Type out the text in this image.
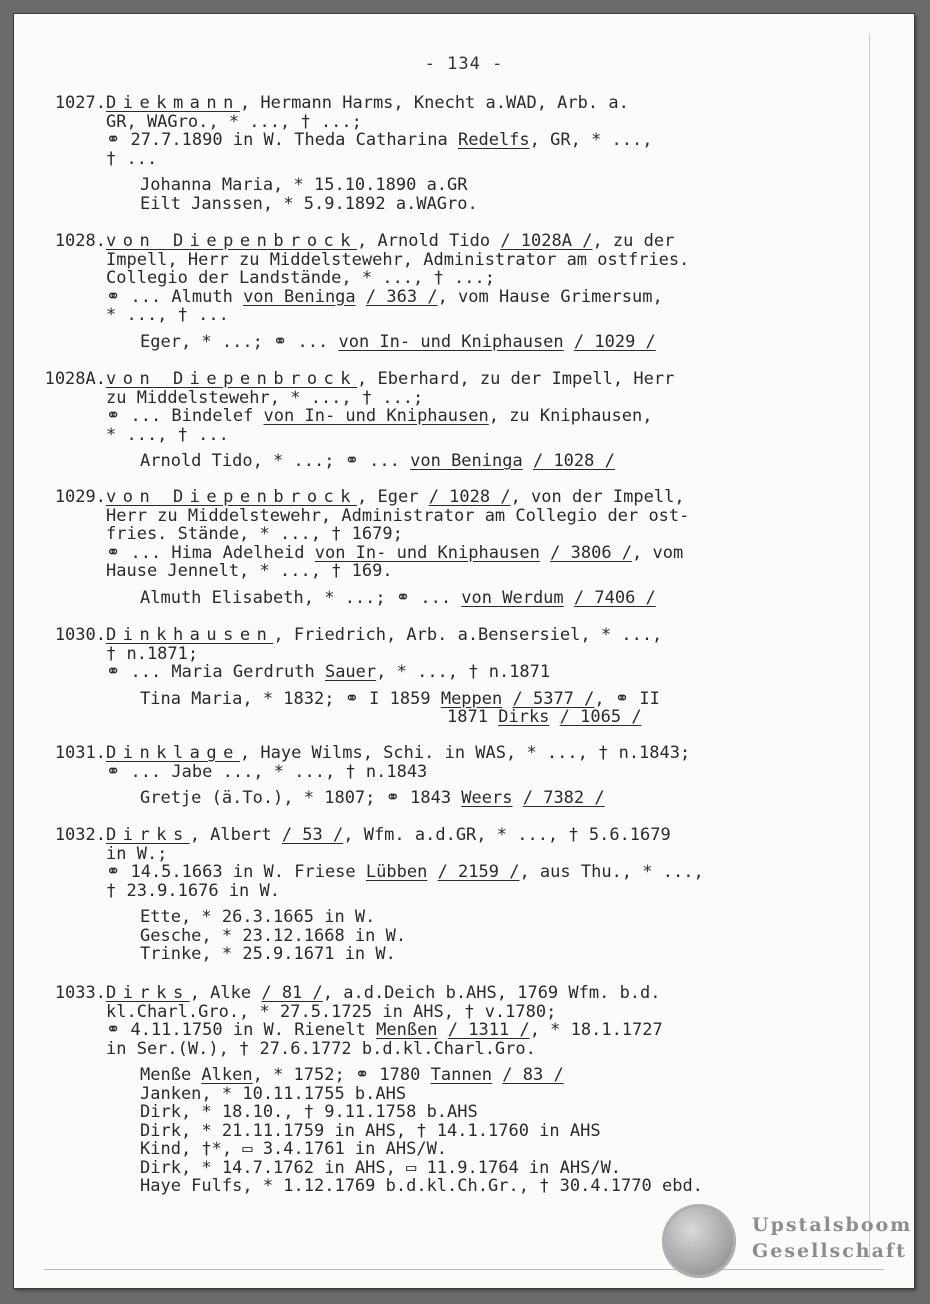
- 134 -
1027. Diekmann, Hermann Harms, Knecht a.WAD, Arb. a.
GR, WAGro., * ..., † ...;
⚭ 27.7.1890 in W. Theda Catharina Redelfs, GR, * ...,
† ...
Johanna Maria, * 15.10.1890 a.GR
Eilt Janssen, * 5.9.1892 a.WAGro.
1028. von Diepenbrock, Arnold Tido / 1028A /, zu der
Impell, Herr zu Middelstewehr, Administrator am ostfries.
Collegio der Landstände, * ..., † ...;
⚭ ... Almuth von Beninga / 363 /, vom Hause Grimersum,
* ..., † ...
Eger, * ...; ⚭ ... von In- und Kniphausen / 1029 /
1028A. von Diepenbrock, Eberhard, zu der Impell, Herr
zu Middelstewehr, * ..., † ...;
⚭ ... Bindelef von In- und Kniphausen, zu Kniphausen,
* ..., † ...
Arnold Tido, * ...; ⚭ ... von Beninga / 1028 /
1029. von Diepenbrock, Eger / 1028 /, von der Impell,
Herr zu Middelstewehr, Administrator am Collegio der ost-
fries. Stände, * ..., † 1679;
⚭ ... Hima Adelheid von In- und Kniphausen / 3806 /, vom
Hause Jennelt, * ..., † 169.
Almuth Elisabeth, * ...; ⚭ ... von Werdum / 7406 /
1030. Dinkhausen, Friedrich, Arb. a.Bensersiel, * ...,
† n.1871;
⚭ ... Maria Gerdruth Sauer, * ..., † n.1871
Tina Maria, * 1832; ⚭ I 1859 Meppen / 5377 /, ⚭ II
1871 Dirks / 1065 /
1031. Dinklage, Haye Wilms, Schi. in WAS, * ..., † n.1843;
⚭ ... Jabe ..., * ..., † n.1843
Gretje (ä.To.), * 1807; ⚭ 1843 Weers / 7382 /
1032. Dirks, Albert / 53 /, Wfm. a.d.GR, * ..., † 5.6.1679
in W.;
⚭ 14.5.1663 in W. Friese Lübben / 2159 /, aus Thu., * ...,
† 23.9.1676 in W.
Ette, * 26.3.1665 in W.
Gesche, * 23.12.1668 in W.
Trinke, * 25.9.1671 in W.
1033. Dirks, Alke / 81 /, a.d.Deich b.AHS, 1769 Wfm. b.d.
kl.Charl.Gro., * 27.5.1725 in AHS, † v.1780;
⚭ 4.11.1750 in W. Rienelt Menßen / 1311 /, * 18.1.1727
in Ser.(W.), † 27.6.1772 b.d.kl.Charl.Gro.
Menße Alken, * 1752; ⚭ 1780 Tannen / 83 /
Janken, * 10.11.1755 b.AHS
Dirk, * 18.10., † 9.11.1758 b.AHS
Dirk, * 21.11.1759 in AHS, † 14.1.1760 in AHS
Kind, †*, ▭ 3.4.1761 in AHS/W.
Dirk, * 14.7.1762 in AHS, ▭ 11.9.1764 in AHS/W.
Haye Fulfs, * 1.12.1769 b.d.kl.Ch.Gr., † 30.4.1770 ebd.
Upstalsboom
Gesellschaft
